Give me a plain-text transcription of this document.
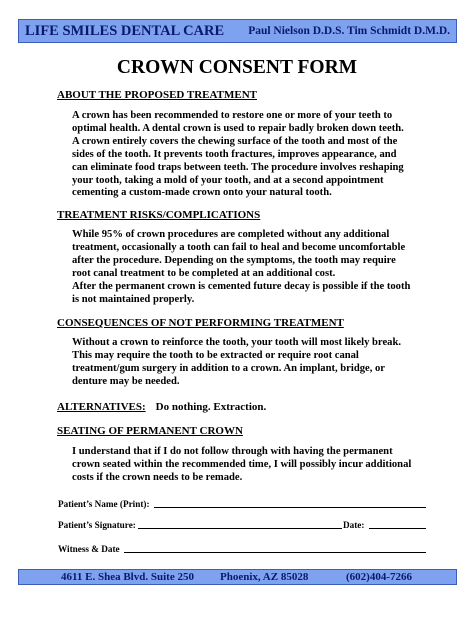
LIFE SMILES DENTAL CARE Paul Nielson D.D.S. Tim Schmidt D.M.D.
CROWN CONSENT FORM
ABOUT THE PROPOSED TREATMENT
A crown has been recommended to restore one or more of your teeth to
optimal health. A dental crown is used to repair badly broken down teeth.
A crown entirely covers the chewing surface of the tooth and most of the
sides of the tooth. It prevents tooth fractures, improves appearance, and
can eliminate food traps between teeth. The procedure involves reshaping
your tooth, taking a mold of your tooth, and at a second appointment
cementing a custom-made crown onto your natural tooth.
TREATMENT RISKS/COMPLICATIONS
While 95% of crown procedures are completed without any additional
treatment, occasionally a tooth can fail to heal and become uncomfortable
after the procedure. Depending on the symptoms, the tooth may require
root canal treatment to be completed at an additional cost.
After the permanent crown is cemented future decay is possible if the tooth
is not maintained properly.
CONSEQUENCES OF NOT PERFORMING TREATMENT
Without a crown to reinforce the tooth, your tooth will most likely break.
This may require the tooth to be extracted or require root canal
treatment/gum surgery in addition to a crown. An implant, bridge, or
denture may be needed.
ALTERNATIVES: Do nothing. Extraction.
SEATING OF PERMANENT CROWN
I understand that if I do not follow through with having the permanent
crown seated within the recommended time, I will possibly incur additional
costs if the crown needs to be remade.
Patient’s Name (Print):
Patient’s Signature:	Date:
Witness & Date
4611 E. Shea Blvd. Suite 250 Phoenix, AZ 85028	(602)404-7266
